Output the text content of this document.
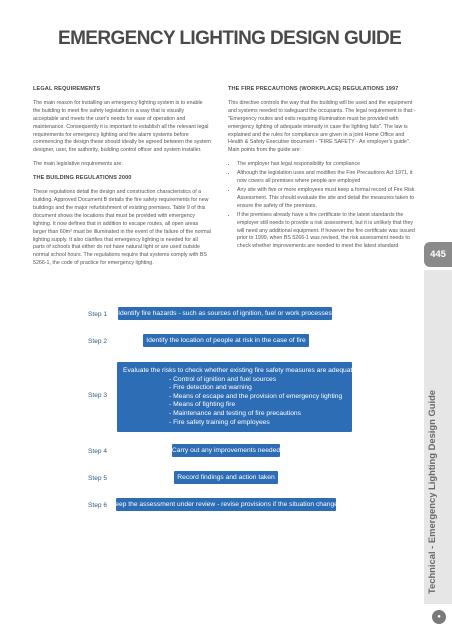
EMERGENCY LIGHTING DESIGN GUIDE
LEGAL REQUIREMENTS

The main reason for installing an emergency lighting system is to enable the building to meet fire safety legislation in a way that is visually acceptable and meets the user's needs for ease of operation and maintenance. Consequently it is important to establish all the relevant legal requirements for emergency lighting and fire alarm systems before commencing the design these should ideally be agreed between the system designer, user, fire authority, building control officer and system installer.

The main legislative requirements are:

THE BUILDING REGULATIONS 2000

These regulations detail the design and construction characteristics of a building. Approved Document B details the fire safety requirements for new buildings and the major refurbishment of existing premises. Table 9 of this document shows the locations that must be provided with emergency lighting. It now defines that in addition to escape routes, all open areas larger than 60m² must be illuminated in the event of the failure of the normal lighting supply. It also clarifies that emergency lighting is needed for all parts of schools that either do not have natural light or are used outside normal school hours. The regulations require that systems comply with BS 5266-1, the code of practice for emergency lighting.

THE FIRE PRECAUTIONS (WORKPLACE) REGULATIONS 1997

This directive controls the way that the building will be used and the equipment and systems needed to safeguard the occupants. The legal requirement is that:- "Emergency routes and exits requiring illumination must be provided with emergency lighting of adequate intensity in case the lighting fails". The law is explained and the rules for compliance are given in a joint Home Office and Health & Safety Executive document - "FIRE SAFETY - An employer's guide". Main points from the guide are:

• The employer has legal responsibility for compliance
• Although the legislation uses and modifies the Fire Precautions Act 1971, it now covers all premises where people are employed
• Any site with five or more employees must keep a formal record of Fire Risk Assessment. This should evaluate the site and detail the measures taken to ensure the safety of the premises.
• If the premises already have a fire certificate to the latest standards the employer still needs to provide a risk assessment, but it is unlikely that they will need any additional equipment. If however the fire certificate was issued prior to 1999, when BS 5266-1 was revised, the risk assessment needs to check whether improvements are needed to meet the latest standard
445
Technical - Emergency Lighting Design Guide
●
Step 1 Identify fire hazards - such as sources of ignition, fuel or work processes
Step 2	Identify the location of people at risk in the case of fire
Step 3
Evaluate the risks to check whether existing fire safety measures are adequate, including:
- Control of ignition and fuel sources
- Fire detection and warning
- Means of escape and the provision of emergency lighting
- Means of fighting fire
- Maintenance and testing of fire precautions
- Fire safety training of employees
Step 4	Carry out any improvements needed
Step 5	Record findings and action taken
Step 6 Keep the assessment under review - revise provisions if the situation changes
